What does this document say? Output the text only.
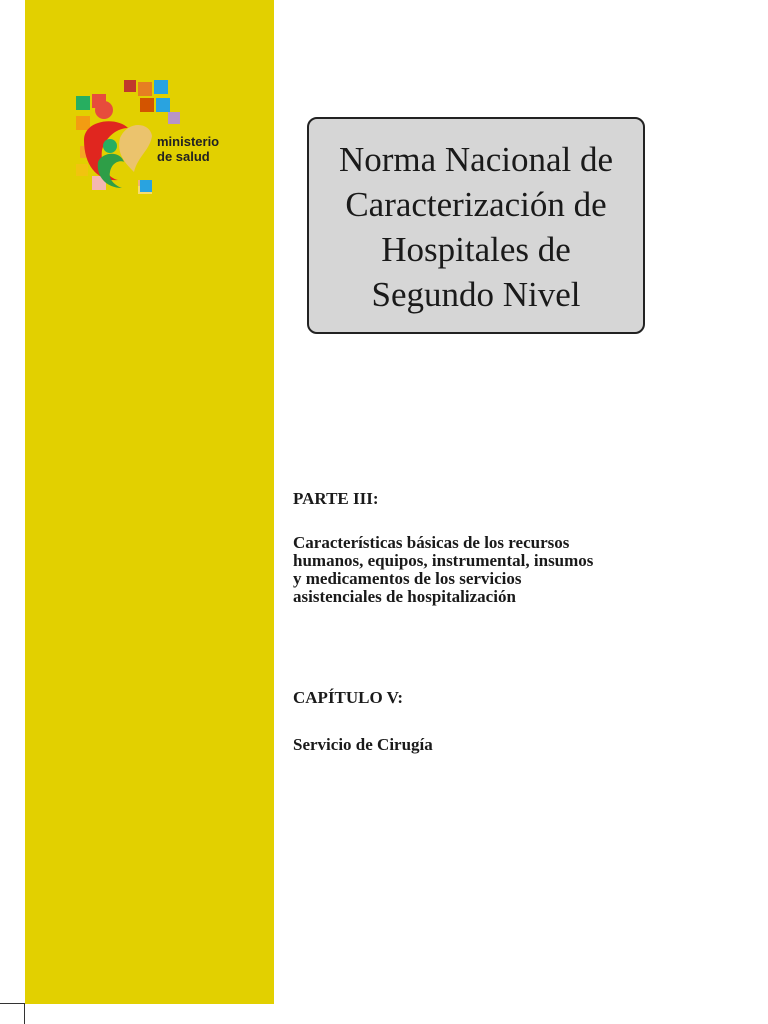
ministerio
de salud	Norma Nacional de
Caracterización de
Hospitales de
Segundo Nivel

PARTE III:

Características básicas de los recursos
humanos, equipos, instrumental, insumos
y medicamentos de los servicios
asistenciales de hospitalización

CAPÍTULO V:

Servicio de Cirugía
